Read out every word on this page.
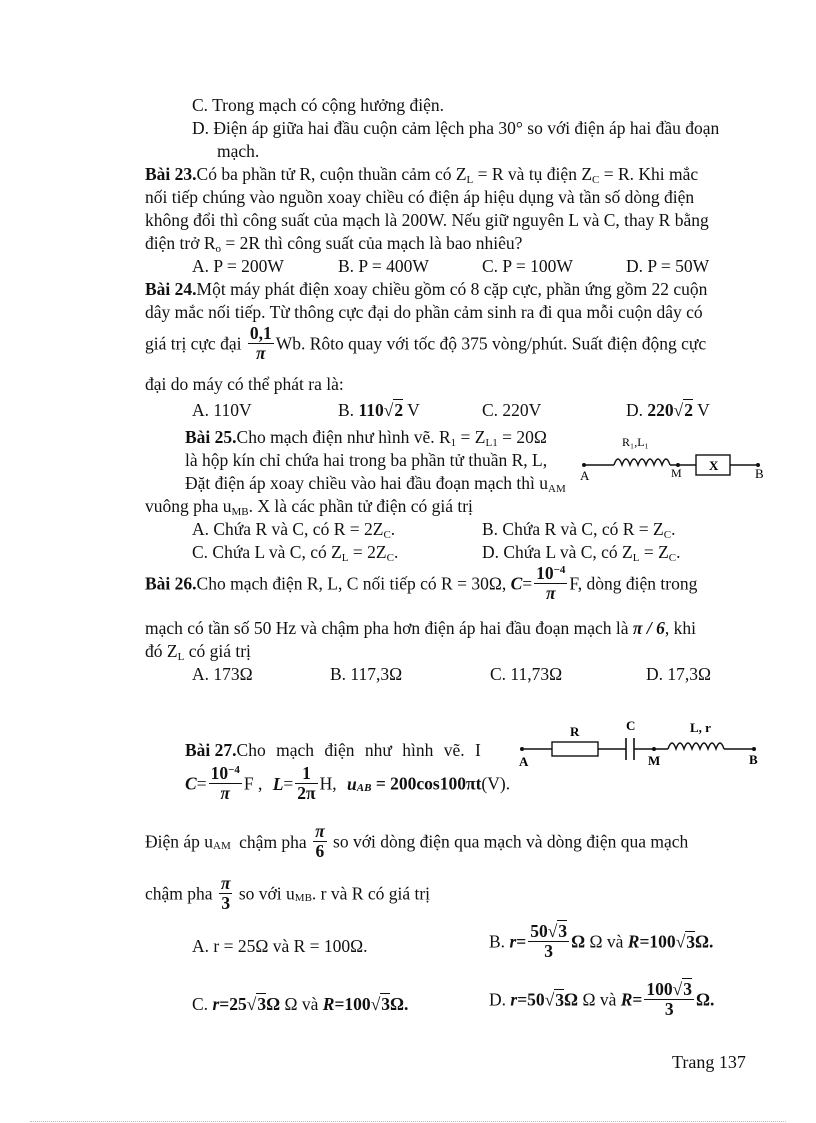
C. Trong mạch có cộng hưởng điện.
D. Điện áp giữa hai đầu cuộn cảm lệch pha 30° so với điện áp hai đầu đoạn
mạch.
Bài 23.Có ba phần tử R, cuộn thuần cảm có $Z_L = R$ và tụ điện $Z_C = R$. Khi mắc
nối tiếp chúng vào nguồn xoay chiều có điện áp hiệu dụng và tần số dòng điện
không đổi thì công suất của mạch là 200W. Nếu giữ nguyên L và C, thay R bằng
điện trở $R_o = 2R$ thì công suất của mạch là bao nhiêu?
A. P = 200W	B. P = 400W	C. P = 100W	D. P = 50W
Bài 24.Một máy phát điện xoay chiều gồm có 8 cặp cực, phần ứng gồm 22 cuộn
dây mắc nối tiếp. Từ thông cực đại do phần cảm sinh ra đi qua mỗi cuộn dây có
giá trị cực đại $\frac{0,1}{\pi} Wb$. Rôto quay với tốc độ 375 vòng/phút. Suất điện động cực
đại do máy có thể phát ra là:
A. 110V	B. 110√2 V	C. 220V	D. 220√2 V
Bài 25.Cho mạch điện như hình vẽ. $R_1 = Z_{L1} = 20\Omega$
là hộp kín chỉ chứa hai trong ba phần tử thuần R, L,
Đặt điện áp xoay chiều vào hai đầu đoạn mạch thì $u_{AM}$
vuông pha $u_{MB}$. X là các phần tử điện có giá trị
A	M X
B
R₁,L₁
A. Chứa R và C, có $R = 2Z_C$.	B. Chứa R và C, có $R = Z_C$.
C. Chứa L và C, có $Z_L = 2Z_C$.	D. Chứa L và C, có $Z_L = Z_C$.
Bài 26.Cho mạch điện R, L, C nối tiếp có R = 30Ω, $C= \frac{10^{-4}}{\pi} F$, dòng điện trong
mạch có tần số 50 Hz và chậm pha hơn điện áp hai đầu đoạn mạch là π / 6, khi
đó $Z_L$ có giá trị
A. 173Ω	B. 117,3Ω	C. 11,73Ω	D. 17,3Ω
Bài 27.Cho mạch điện như hình vẽ. I
A	M	B
R	C	L, r
$C= \frac{10^{-4}}{\pi}$ F , $L= \frac{1}{2\pi} H$, $u_{AB} = 200\cos 100\pi t(V)$.
Điện áp $u_{AM}$ chậm pha $\frac{\pi}{6}$ so với dòng điện qua mạch và dòng điện qua mạch
chậm pha $\frac{\pi}{3}$ so với $u_{MB}$. r và R có giá trị
A. r = 25Ω và R = 100Ω.	B. $r= \frac{50√3}{3}$ Ω Ω và R=100√3Ω.
C. r=25√3Ω Ω và R=100√3Ω.	D. r=50√3Ω Ω và $R= \frac{100√3}{3} \Omega$.
Trang 137
